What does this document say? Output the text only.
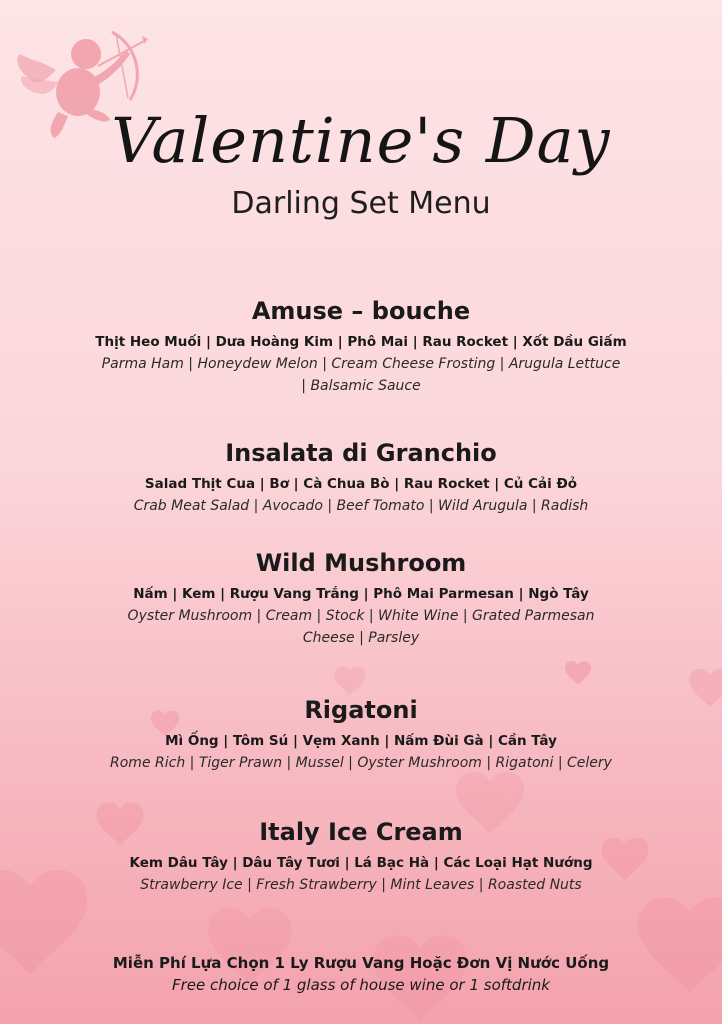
Valentine's Day
Darling Set Menu
Amuse – bouche
Thịt Heo Muối | Dưa Hoàng Kim | Phô Mai | Rau Rocket | Xốt Dầu Giấm
Parma Ham | Honeydew Melon | Cream Cheese Frosting | Arugula Lettuce | Balsamic Sauce
Insalata di Granchio
Salad Thịt Cua | Bơ | Cà Chua Bò | Rau Rocket | Củ Cải Đỏ
Crab Meat Salad | Avocado | Beef Tomato | Wild Arugula | Radish
Wild Mushroom
Nấm | Kem | Rượu Vang Trắng | Phô Mai Parmesan | Ngò Tây
Oyster Mushroom | Cream | Stock | White Wine | Grated Parmesan Cheese | Parsley
Rigatoni
Mì Ống | Tôm Sú | Vẹm Xanh | Nấm Đùi Gà | Cần Tây
Rome Rich | Tiger Prawn | Mussel | Oyster Mushroom | Rigatoni | Celery
Italy Ice Cream
Kem Dâu Tây | Dâu Tây Tươi | Lá Bạc Hà | Các Loại Hạt Nướng
Strawberry Ice | Fresh Strawberry | Mint Leaves | Roasted Nuts
Miễn Phí Lựa Chọn 1 Ly Rượu Vang Hoặc Đơn Vị Nước Uống
Free choice of 1 glass of house wine or 1 softdrink
